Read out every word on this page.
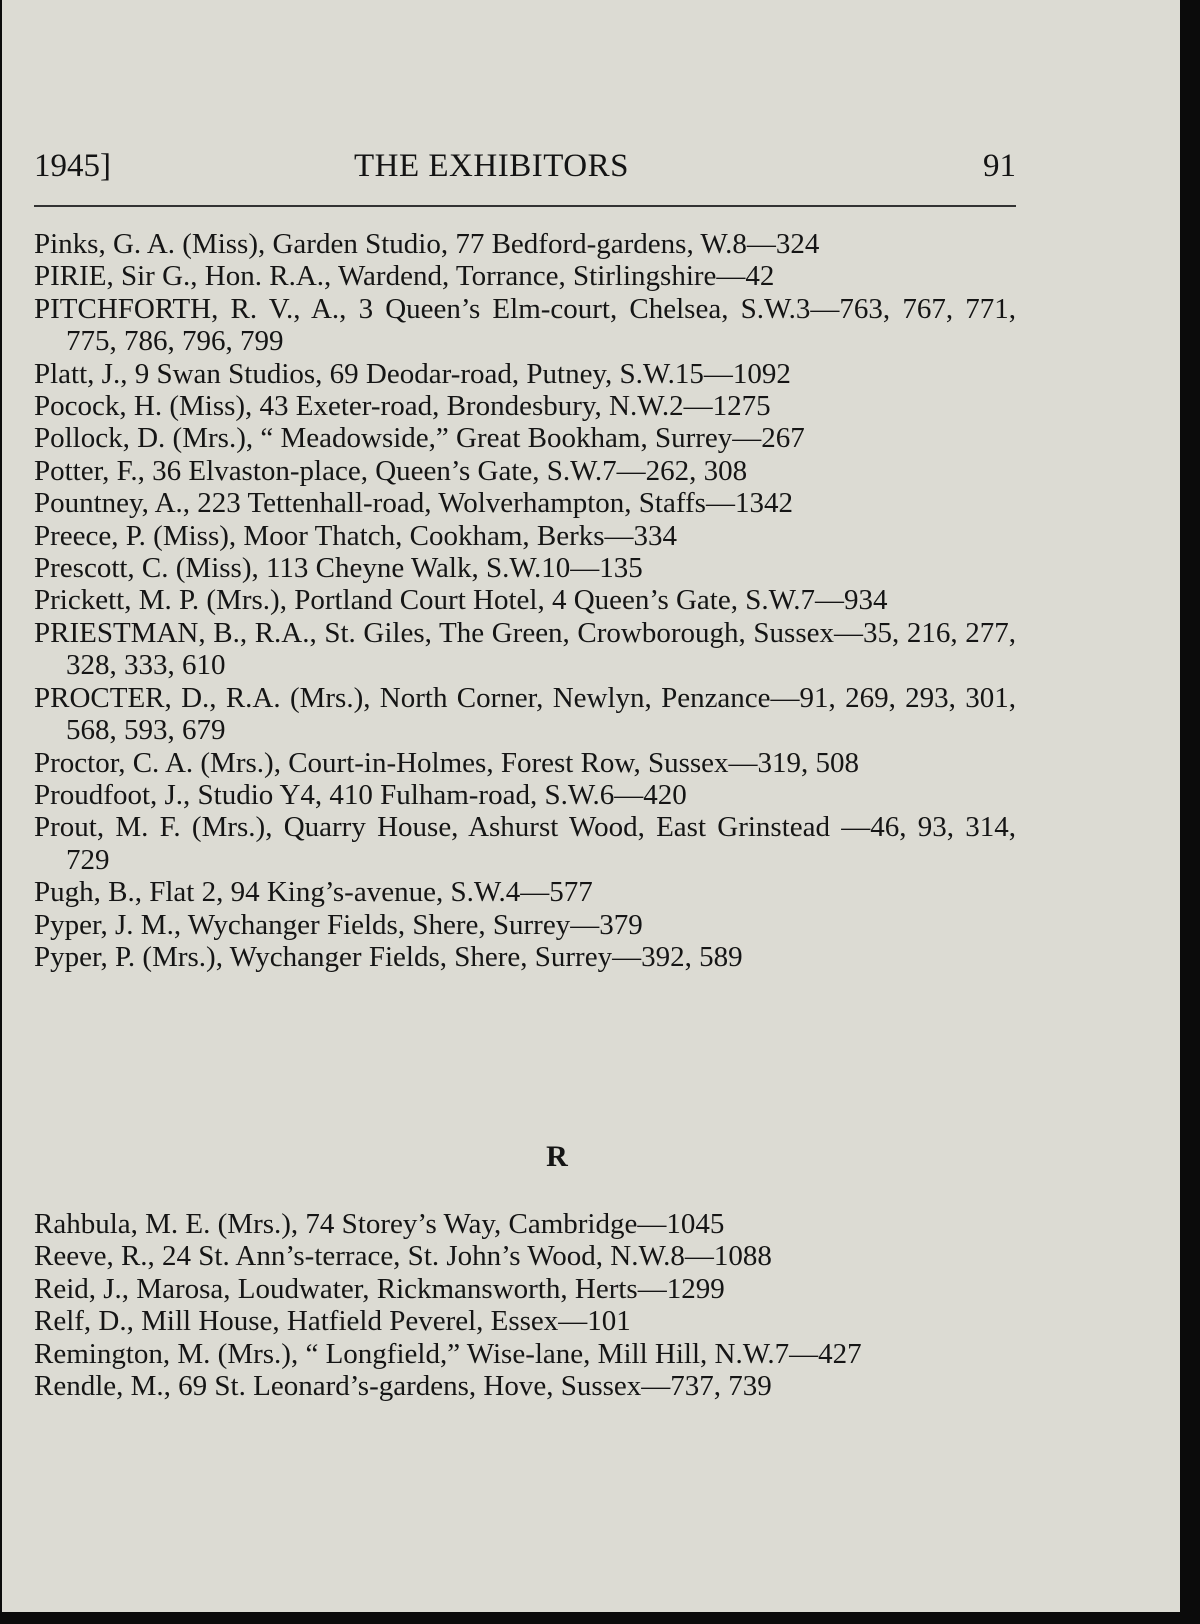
1945]	THE EXHIBITORS	91

Pinks, G. A. (Miss), Garden Studio, 77 Bedford-gardens, W.8—324

PIRIE, Sir G., Hon. R.A., Wardend, Torrance, Stirlingshire—42

PITCHFORTH, R. V., A., 3 Queen’s Elm-court, Chelsea, S.W.3—763, 767, 771, 775, 786, 796, 799

Platt, J., 9 Swan Studios, 69 Deodar-road, Putney, S.W.15—1092

Pocock, H. (Miss), 43 Exeter-road, Brondesbury, N.W.2—1275

Pollock, D. (Mrs.), “ Meadowside,” Great Bookham, Surrey—267

Potter, F., 36 Elvaston-place, Queen’s Gate, S.W.7—262, 308

Pountney, A., 223 Tettenhall-road, Wolverhampton, Staffs—1342

Preece, P. (Miss), Moor Thatch, Cookham, Berks—334

Prescott, C. (Miss), 113 Cheyne Walk, S.W.10—135

Prickett, M. P. (Mrs.), Portland Court Hotel, 4 Queen’s Gate, S.W.7—934

PRIESTMAN, B., R.A., St. Giles, The Green, Crowborough, Sussex—35, 216, 277, 328, 333, 610

PROCTER, D., R.A. (Mrs.), North Corner, Newlyn, Penzance—91, 269, 293, 301, 568, 593, 679

Proctor, C. A. (Mrs.), Court-in-Holmes, Forest Row, Sussex—319, 508

Proudfoot, J., Studio Y4, 410 Fulham-road, S.W.6—420

Prout, M. F. (Mrs.), Quarry House, Ashurst Wood, East Grinstead —46, 93, 314, 729

Pugh, B., Flat 2, 94 King’s-avenue, S.W.4—577

Pyper, J. M., Wychanger Fields, Shere, Surrey—379

Pyper, P. (Mrs.), Wychanger Fields, Shere, Surrey—392, 589

R

Rahbula, M. E. (Mrs.), 74 Storey’s Way, Cambridge—1045

Reeve, R., 24 St. Ann’s-terrace, St. John’s Wood, N.W.8—1088

Reid, J., Marosa, Loudwater, Rickmansworth, Herts—1299

Relf, D., Mill House, Hatfield Peverel, Essex—101

Remington, M. (Mrs.), “ Longfield,” Wise-lane, Mill Hill, N.W.7—427

Rendle, M., 69 St. Leonard’s-gardens, Hove, Sussex—737, 739
